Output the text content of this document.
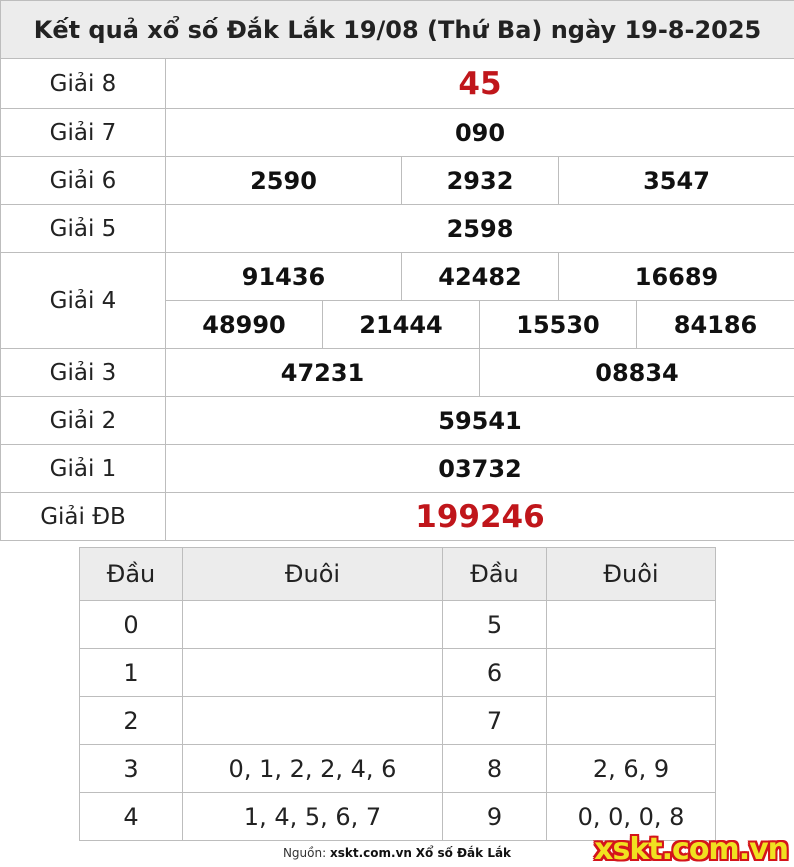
Kết quả xổ số Đắk Lắk 19/08 (Thứ Ba) ngày 19-8-2025						
Giải 8	45					
Giải 7	090					
Giải 6	2590		2932		3547	
Giải 5	2598					
Giải 4	91436		42482		16689	
	48990	21444		15530		84186
Giải 3	47231			08834		
Giải 2	59541					
Giải 1	03732					
Giải ĐB	199246					
Đầu	Đuôi	Đầu	Đuôi
0		5	
1		6	
2		7	
3	0, 1, 2, 2, 4, 6	8	2, 6, 9
4	1, 4, 5, 6, 7	9	0, 0, 0, 8
Nguồn: xskt.com.vn Xổ số Đắk Lắk	xskt.com.vn
